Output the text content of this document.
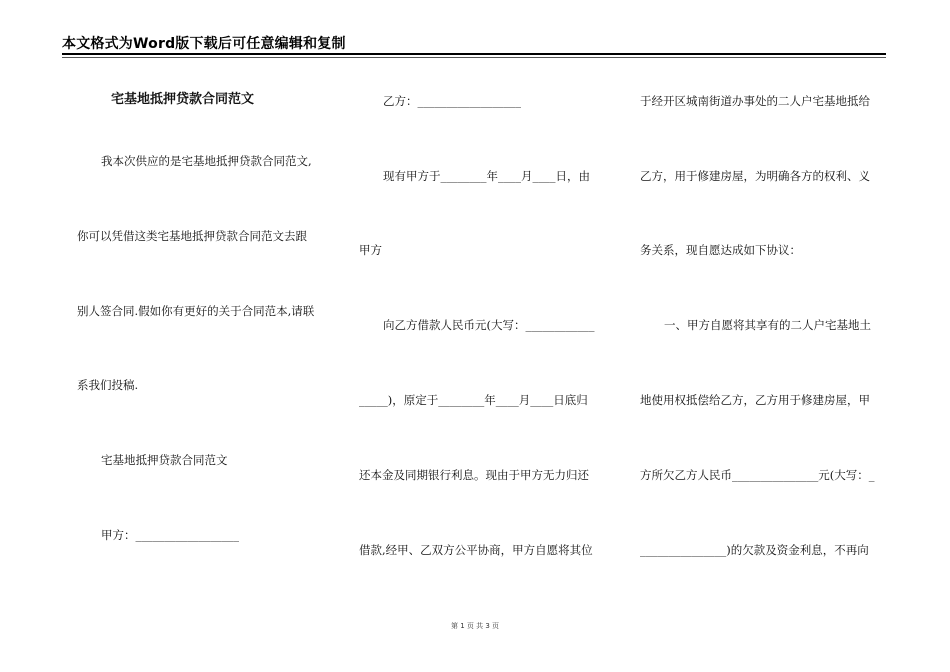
本文格式为Word版下载后可任意编辑和复制
宅基地抵押贷款合同范文
我本次供应的是宅基地抵押贷款合同范文,
你可以凭借这类宅基地抵押贷款合同范文去跟
别人签合同.假如你有更好的关于合同范本,请联
系我们投稿.
宅基地抵押贷款合同范文
甲方：__________________
乙方：__________________
现有甲方于________年____月____日，由
甲方
向乙方借款人民币元(大写：____________
_____)，原定于________年____月____日底归
还本金及同期银行利息。现由于甲方无力归还
借款,经甲、乙双方公平协商，甲方自愿将其位
于经开区城南街道办事处的二人户宅基地抵给
乙方，用于修建房屋，为明确各方的权利、义
务关系，现自愿达成如下协议：
一、甲方自愿将其享有的二人户宅基地土
地使用权抵偿给乙方，乙方用于修建房屋，甲
方所欠乙方人民币_______________元(大写：_
_______________)的欠款及资金利息，不再向
第 1 页 共 3 页
